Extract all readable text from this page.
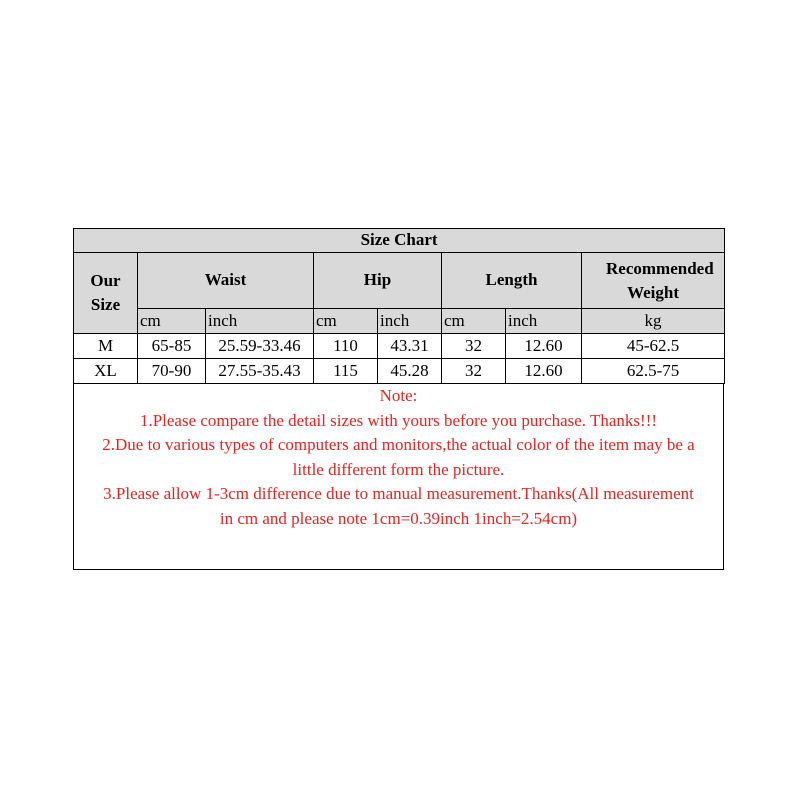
Size Chart							
Our Size	Waist		Hip		Length		Recommended Weight
	cm	inch	cm	inch	cm	inch	kg
M	65-85	25.59-33.46	110	43.31	32	12.60	45-62.5
XL	70-90	27.55-35.43	115	45.28	32	12.60	62.5-75
Note:
1.Please compare the detail sizes with yours before you purchase. Thanks!!!
2.Due to various types of computers and monitors,the actual color of the item may be a
little different form the picture.
3.Please allow 1-3cm difference due to manual measurement.Thanks(All measurement
in cm and please note 1cm=0.39inch 1inch=2.54cm)
